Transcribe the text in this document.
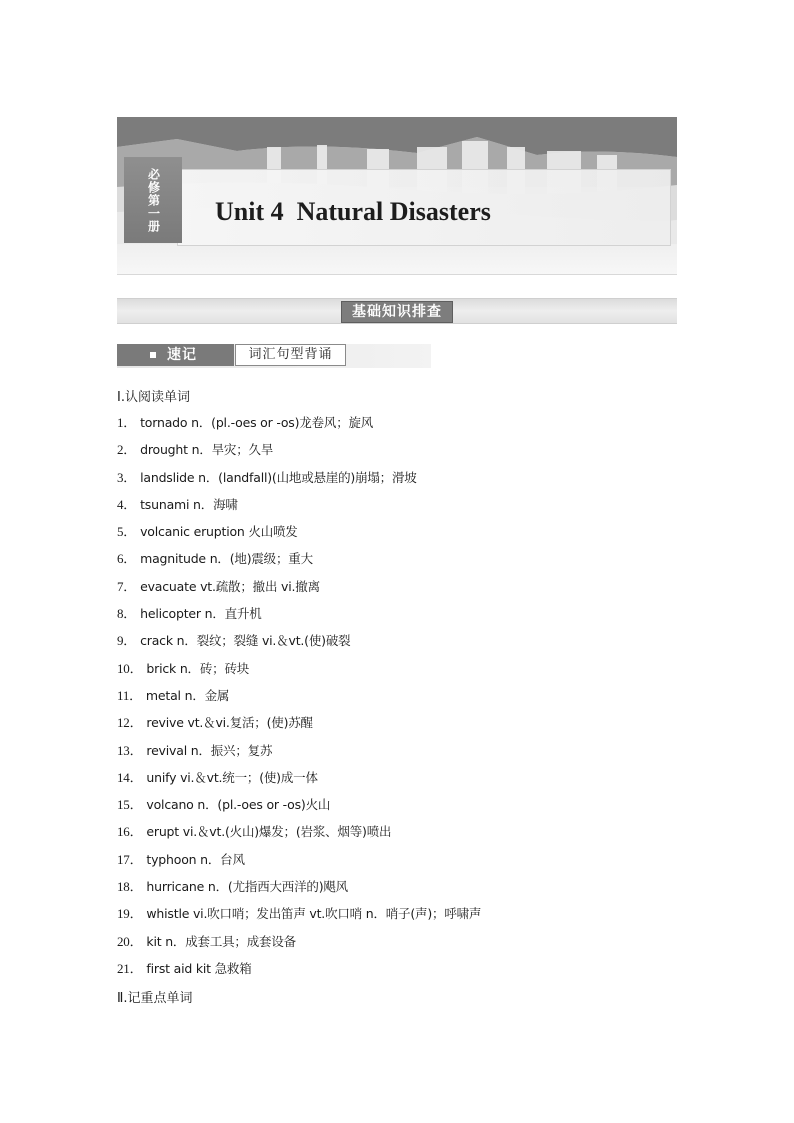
必修第一册	Unit 4 Natural Disasters
基础知识排查
速记	词汇句型背诵
Ⅰ.认阅读单词
1． tornado n．(pl.-oes or -os)龙卷风；旋风
2． drought n．旱灾；久旱
3． landslide n．(landfall)(山地或悬崖的)崩塌；滑坡
4． tsunami n．海啸
5． volcanic eruption 火山喷发
6． magnitude n．(地)震级；重大
7． evacuate vt.疏散；撤出 vi.撤离
8． helicopter n．直升机
9． crack n．裂纹；裂缝 vi.＆vt.(使)破裂
10． brick n．砖；砖块
11． metal n．金属
12． revive vt.＆vi.复活；(使)苏醒
13． revival n．振兴；复苏
14． unify vi.＆vt.统一；(使)成一体
15． volcano n．(pl.-oes or -os)火山
16． erupt vi.＆vt.(火山)爆发；(岩浆、烟等)喷出
17． typhoon n．台风
18． hurricane n．(尤指西大西洋的)飓风
19． whistle vi.吹口哨；发出笛声 vt.吹口哨 n．哨子(声)；呼啸声
20． kit n．成套工具；成套设备
21． first aid kit 急救箱
Ⅱ.记重点单词
